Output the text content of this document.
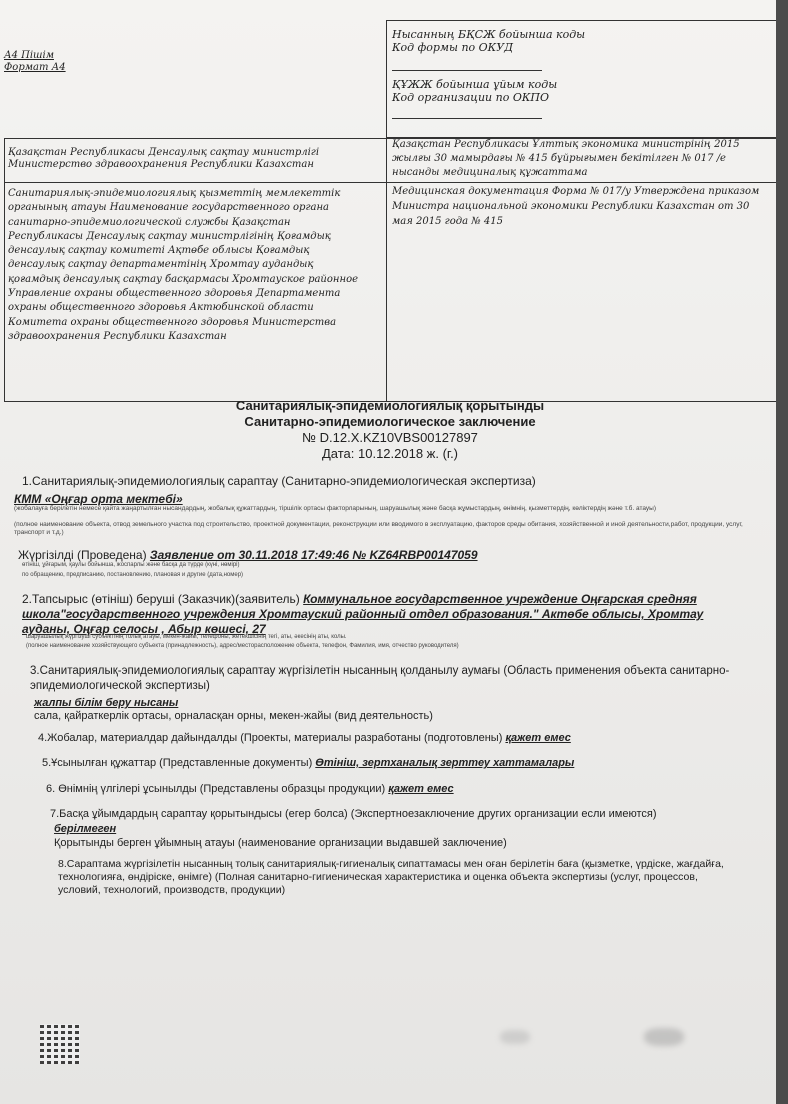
А4 Пішім
Формат А4
Нысанның БҚСЖ бойынша коды
Код формы по ОКУД
ҚҰЖЖ бойынша ұйым коды
Код организации по ОКПО
Қазақстан Республикасы Денсаулық сақтау министрлігі Министерство здравоохранения Республики Казахстан
Қазақстан Республикасы Ұлттық экономика министрінің 2015 жылғы 30 мамырдағы № 415 бұйрығымен бекітілген № 017 /е нысанды медициналық құжаттама
Санитариялық-эпидемиологиялық қызметтің мемлекеттік органының атауы Наименование государственного органа санитарно-эпидемиологической службы Қазақстан Республикасы Денсаулық сақтау министрлігінің Қоғамдық денсаулық сақтау комитеті Ақтөбе облысы Қоғамдық денсаулық сақтау департаментінің Хромтау аудандық қоғамдық денсаулық сақтау басқармасы Хромтауское районное Управление охраны общественного здоровья Департамента охраны общественного здоровья Актюбинской области Комитета охраны общественного здоровья Министерства здравоохранения Республики Казахстан
Медицинская документация Форма № 017/у Утверждена приказом Министра национальной экономики Республики Казахстан от 30 мая 2015 года № 415
Санитариялық-эпидемиологиялық қорытынды
Санитарно-эпидемиологическое заключение
№ D.12.X.KZ10VBS00127897
Дата: 10.12.2018 ж. (г.)
1.Санитариялық-эпидемиологиялық сараптау (Санитарно-эпидемиологическая экспертиза)
КММ «Оңғар орта мектебі»
(жобалауға берілетін немесе қайта жаңартылған нысандардың, жобалық құжаттардың, тіршілік ортасы факторларының, шаруашылық және басқа жұмыстардың, өнімнің, қызметтердің, көліктердің және т.б. атауы)
(полное наименование объекта, отвод земельного участка под строительство, проектной документации, реконструкции или вводимого в эксплуатацию, факторов среды обитания, хозяйственной и иной деятельности,работ, продукции, услуг, транспорт и т.д.)
Жүргізілді (Проведена) Заявление от 30.11.2018 17:49:46 № KZ64RBP00147059
өтініш, ұйғарым, қаулы бойынша, жоспарлы және басқа да түрде (күні, нөмірі)
по обращению, предписанию, постановлению, плановая и другие (дата,номер)
2.Тапсырыс (өтініш) беруші (Заказчик)(заявитель) Коммунальное государственное учреждение Оңғарская средняя школа"государственного учреждения Хромтауский районный отдел образования." Актөбе облысы, Хромтау ауданы, Оңғар селосы , Абыр көшесі, 27
шаруашылық жүргізуші субъектінің толық атауы, мекен-жайы, телефоны, жетекшісінің тегі, аты, әкесінің аты, колы.
(полное наименование хозяйствующего субъекта (принадлежность), адрес/месторасположение объекта, телефон, Фамилия, имя, отчество руководителя)
3.Санитариялық-эпидемиологиялық сараптау жүргізілетін нысанның қолданылу аумағы (Область применения объекта санитарно-эпидемиологической экспертизы)
жалпы білім беру нысаны
сала, қайраткерлік ортасы, орналасқан орны, мекен-жайы (вид деятельность)
4.Жобалар, материалдар дайындалды (Проекты, материалы разработаны (подготовлены) қажет емес
5.Ұсынылған құжаттар (Представленные документы) Өтініш, зертханалық зерттеу хаттамалары
6. Өнімнің үлгілері ұсынылды (Представлены образцы продукции) қажет емес
7.Басқа ұйымдардың сараптау қорытындысы (егер болса) (Экспертноезаключение других организации если имеются)
берілмеген
Қорытынды берген ұйымның атауы (наименование организации выдавшей заключение)
8.Сараптама жүргізілетін нысанның толық санитариялық-гигиеналық сипаттамасы мен оған берілетін баға (қызметке, үрдіске, жағдайға, технологияға, өндіріске, өнімге) (Полная санитарно-гигиеническая характеристика и оценка объекта экспертизы (услуг, процессов, условий, технологий, производств, продукции)
